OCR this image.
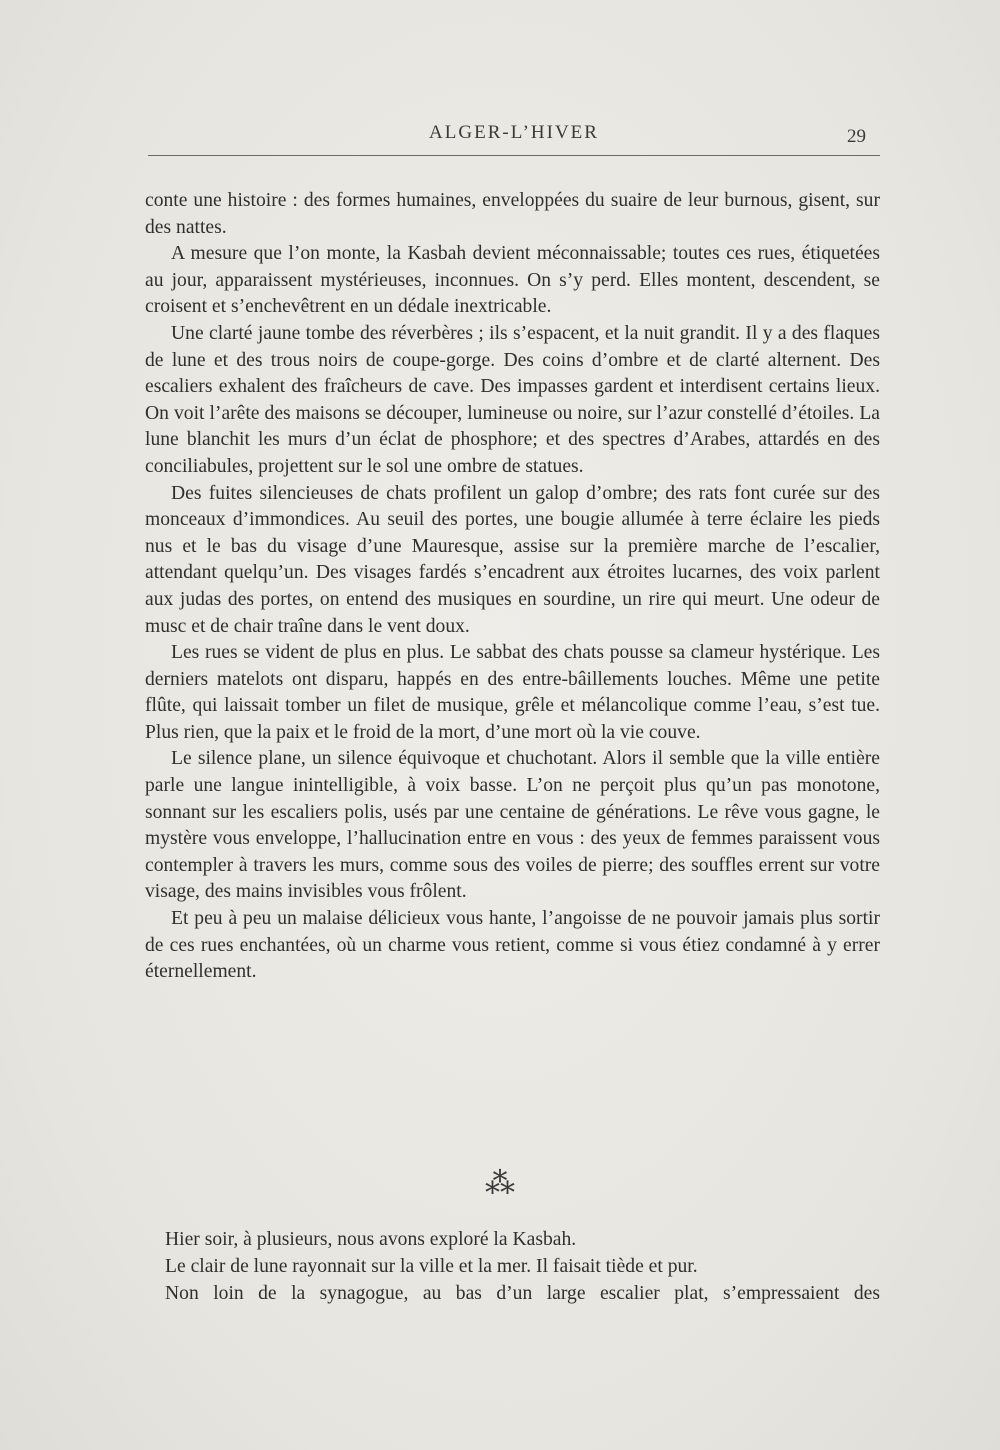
ALGER-L’HIVER	29

conte une histoire : des formes humaines, enveloppées du suaire de leur burnous, gisent, sur des nattes.

A mesure que l’on monte, la Kasbah devient méconnaissable; toutes ces rues, étiquetées au jour, apparaissent mystérieuses, inconnues. On s’y perd. Elles montent, descendent, se croisent et s’enchevêtrent en un dédale inextricable.

Une clarté jaune tombe des réverbères ; ils s’espacent, et la nuit grandit. Il y a des flaques de lune et des trous noirs de coupe-gorge. Des coins d’ombre et de clarté alternent. Des escaliers exhalent des fraîcheurs de cave. Des impasses gardent et interdisent certains lieux. On voit l’arête des maisons se découper, lumineuse ou noire, sur l’azur constellé d’étoiles. La lune blanchit les murs d’un éclat de phosphore; et des spectres d’Arabes, attardés en des conciliabules, projettent sur le sol une ombre de statues.

Des fuites silencieuses de chats profilent un galop d’ombre; des rats font curée sur des monceaux d’immondices. Au seuil des portes, une bougie allumée à terre éclaire les pieds nus et le bas du visage d’une Mauresque, assise sur la première marche de l’escalier, attendant quelqu’un. Des visages fardés s’encadrent aux étroites lucarnes, des voix parlent aux judas des portes, on entend des musiques en sourdine, un rire qui meurt. Une odeur de musc et de chair traîne dans le vent doux.

Les rues se vident de plus en plus. Le sabbat des chats pousse sa clameur hystérique. Les derniers matelots ont disparu, happés en des entre-bâillements louches. Même une petite flûte, qui laissait tomber un filet de musique, grêle et mélancolique comme l’eau, s’est tue. Plus rien, que la paix et le froid de la mort, d’une mort où la vie couve.

Le silence plane, un silence équivoque et chuchotant. Alors il semble que la ville entière parle une langue inintelligible, à voix basse. L’on ne perçoit plus qu’un pas monotone, sonnant sur les escaliers polis, usés par une centaine de générations. Le rêve vous gagne, le mystère vous enveloppe, l’hallucination entre en vous : des yeux de femmes paraissent vous contempler à travers les murs, comme sous des voiles de pierre; des souffles errent sur votre visage, des mains invisibles vous frôlent.

Et peu à peu un malaise délicieux vous hante, l’angoisse de ne pouvoir jamais plus sortir de ces rues enchantées, où un charme vous retient, comme si vous étiez condamné à y errer éternellement.

⁂

Hier soir, à plusieurs, nous avons exploré la Kasbah.

Le clair de lune rayonnait sur la ville et la mer. Il faisait tiède et pur.

Non loin de la synagogue, au bas d’un large escalier plat, s’empressaient des
